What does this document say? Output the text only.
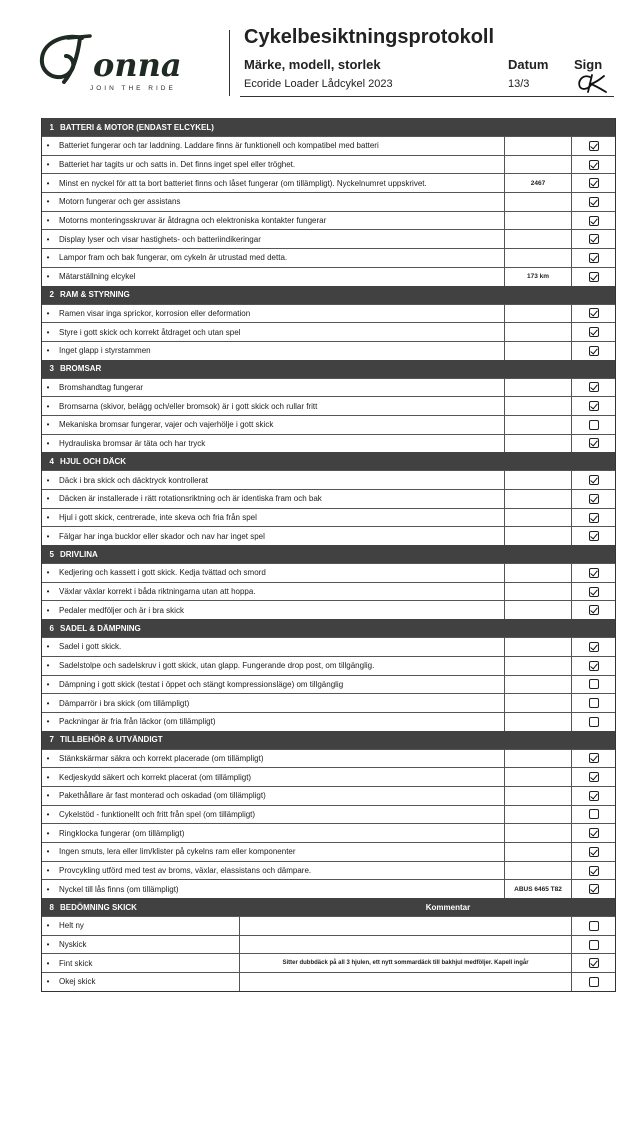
onna
JOIN THE RIDE
Cykelbesiktningsprotokoll
Märke, modell, storlek	Datum Sign
Ecoride Loader Lådcykel 2023	13/3
1 BATTERI & MOTOR (ENDAST ELCYKEL)
•	Batteriet fungerar och tar laddning. Laddare finns är funktionell och kompatibel med batteri
•	Batteriet har tagits ur och satts in. Det finns inget spel eller tröghet.
•	Minst en nyckel för att ta bort batteriet finns och låset fungerar (om tillämpligt). Nyckelnumret uppskrivet.	2467
•	Motorn fungerar och ger assistans
•	Motorns monteringsskruvar är åtdragna och elektroniska kontakter fungerar
•	Display lyser och visar hastighets- och batteriindikeringar
•	Lampor fram och bak fungerar, om cykeln är utrustad med detta.
•	Mätarställning elcykel	173 km
2 RAM & STYRNING
•	Ramen visar inga sprickor, korrosion eller deformation
•	Styre i gott skick och korrekt åtdraget och utan spel
•	Inget glapp i styrstammen
3 BROMSAR
•	Bromshandtag fungerar
•	Bromsarna (skivor, belägg och/eller bromsok) är i gott skick och rullar fritt
•	Mekaniska bromsar fungerar, vajer och vajerhölje i gott skick
•	Hydrauliska bromsar är täta och har tryck
4 HJUL OCH DÄCK
•	Däck i bra skick och däcktryck kontrollerat
•	Däcken är installerade i rätt rotationsriktning och är identiska fram och bak
•	Hjul i gott skick, centrerade, inte skeva och fria från spel
•	Fälgar har inga bucklor eller skador och nav har inget spel
5 DRIVLINA
•	Kedjering och kassett i gott skick. Kedja tvättad och smord
•	Växlar växlar korrekt i båda riktningarna utan att hoppa.
•	Pedaler medföljer och är i bra skick
6 SADEL & DÄMPNING
•	Sadel i gott skick.
•	Sadelstolpe och sadelskruv i gott skick, utan glapp. Fungerande drop post, om tillgänglig.
•	Dämpning i gott skick (testat i öppet och stängt kompressionsläge) om tillgänglig
•	Dämparrör i bra skick (om tillämpligt)
•	Packningar är fria från läckor (om tillämpligt)
7 TILLBEHÖR & UTVÄNDIGT
•	Stänkskärmar säkra och korrekt placerade (om tillämpligt)
•	Kedjeskydd säkert och korrekt placerat (om tillämpligt)
•	Pakethållare är fast monterad och oskadad (om tillämpligt)
•	Cykelstöd - funktionellt och fritt från spel (om tillämpligt)
•	Ringklocka fungerar (om tillämpligt)
•	Ingen smuts, lera eller lim/klister på cykelns ram eller komponenter
•	Provcykling utförd med test av broms, växlar, elassistans och dämpare.
•	Nyckel till lås finns (om tillämpligt)	ABUS 6465 T82
8 BEDÖMNING SKICK	Kommentar
•	Helt ny
•	Nyskick
•	Fint skick	Sitter dubbdäck på all 3 hjulen, ett nytt sommardäck till bakhjul medföljer. Kapell ingår
•	Okej skick
